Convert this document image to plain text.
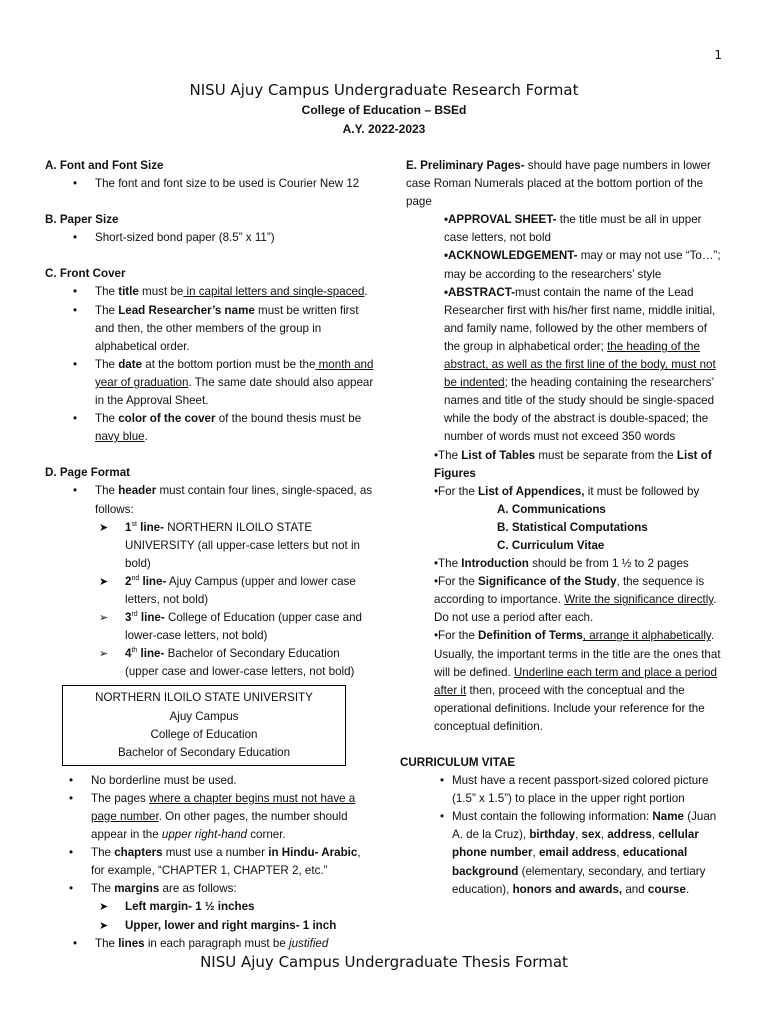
1
NISU Ajuy Campus Undergraduate Research Format
College of Education – BSEd
A.Y. 2022-2023

A. Font and Font Size

• The font and font size to be used is Courier New 12

B. Paper Size

• Short-sized bond paper (8.5” x 11”)

C. Front Cover

• The title must be in capital letters and single-spaced.
• The Lead Researcher’s name must be written first and then, the other members of the group in alphabetical order.
• The date at the bottom portion must be the month and year of graduation. The same date should also appear in the Approval Sheet.
• The color of the cover of the bound thesis must be navy blue.

D. Page Format

• The header must contain four lines, single-spaced, as follows:
➤ 1st line- NORTHERN ILOILO STATE UNIVERSITY (all upper-case letters but not in bold)
➤ 2nd line- Ajuy Campus (upper and lower case letters, not bold)
➢ 3rd line- College of Education (upper case and lower-case letters, not bold)
➢ 4th line- Bachelor of Secondary Education (upper case and lower-case letters, not bold)
NORTHERN ILOILO STATE UNIVERSITY
Ajuy Campus
College of Education
Bachelor of Secondary Education
• No borderline must be used.
• The pages where a chapter begins must not have a page number. On other pages, the number should appear in the upper right-hand corner.
• The chapters must use a number in Hindu- Arabic, for example, “CHAPTER 1, CHAPTER 2, etc.”
• The margins are as follows:
➤ Left margin- 1 ½ inches
➤ Upper, lower and right margins- 1 inch
• The lines in each paragraph must be justified

E. Preliminary Pages- should have page numbers in lower case Roman Numerals placed at the bottom portion of the page

•APPROVAL SHEET- the title must be all in upper case letters, not bold

•ACKNOWLEDGEMENT- may or may not use “To…”; may be according to the researchers’ style

•ABSTRACT-must contain the name of the Lead Researcher first with his/her first name, middle initial, and family name, followed by the other members of the group in alphabetical order; the heading of the abstract, as well as the first line of the body, must not be indented; the heading containing the researchers’ names and title of the study should be single-spaced while the body of the abstract is double-spaced; the number of words must not exceed 350 words

•The List of Tables must be separate from the List of Figures

•For the List of Appendices, it must be followed by

A. Communications
B. Statistical Computations
C. Curriculum Vitae

•The Introduction should be from 1 ½ to 2 pages

•For the Significance of the Study, the sequence is according to importance. Write the significance directly. Do not use a period after each.

•For the Definition of Terms, arrange it alphabetically. Usually, the important terms in the title are the ones that will be defined. Underline each term and place a period after it then, proceed with the conceptual and the operational definitions. Include your reference for the conceptual definition.

CURRICULUM VITAE

• Must have a recent passport-sized colored picture (1.5” x 1.5”) to place in the upper right portion
• Must contain the following information: Name (Juan A. de la Cruz), birthday, sex, address, cellular phone number, email address, educational background (elementary, secondary, and tertiary education), honors and awards, and course.
NISU Ajuy Campus Undergraduate Thesis Format
